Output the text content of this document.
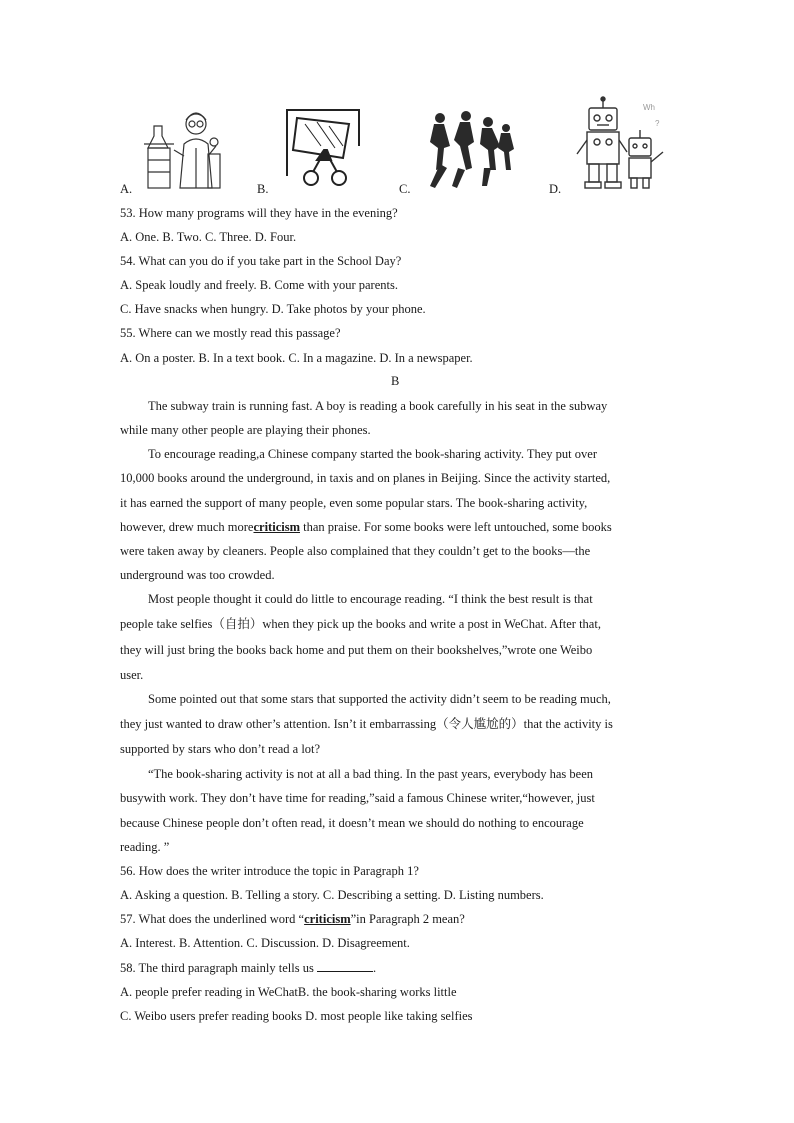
A.	B.	C.	D.
Wh
?
53. How many programs will they have in the evening?
A. One. B. Two. C. Three. D. Four.
54. What can you do if you take part in the School Day?
A. Speak loudly and freely. B. Come with your parents.
C. Have snacks when hungry. D. Take photos by your phone.
55. Where can we mostly read this passage?
A. On a poster. B. In a text book. C. In a magazine. D. In a newspaper.
B
The subway train is running fast. A boy is reading a book carefully in his seat in the subway
while many other people are playing their phones.
To encourage reading,a Chinese company started the book-sharing activity. They put over
10,000 books around the underground, in taxis and on planes in Beijing. Since the activity started,
it has earned the support of many people, even some popular stars. The book-sharing activity,
however, drew much morecriticism than praise. For some books were left untouched, some books
were taken away by cleaners. People also complained that they couldn’t get to the books—the
underground was too crowded.
Most people thought it could do little to encourage reading. “I think the best result is that
people take selfies（自拍）when they pick up the books and write a post in WeChat. After that,
they will just bring the books back home and put them on their bookshelves,”wrote one Weibo
user.
Some pointed out that some stars that supported the activity didn’t seem to be reading much,
they just wanted to draw other’s attention. Isn’t it embarrassing（令人尴尬的）that the activity is
supported by stars who don’t read a lot?
“The book-sharing activity is not at all a bad thing. In the past years, everybody has been
busywith work. They don’t have time for reading,”said a famous Chinese writer,“however, just
because Chinese people don’t often read, it doesn’t mean we should do nothing to encourage
reading. ”
56. How does the writer introduce the topic in Paragraph 1?
A. Asking a question. B. Telling a story. C. Describing a setting. D. Listing numbers.
57. What does the underlined word “criticism”in Paragraph 2 mean?
A. Interest. B. Attention. C. Discussion. D. Disagreement.
58. The third paragraph mainly tells us	.
A. people prefer reading in WeChatB. the book-sharing works little
C. Weibo users prefer reading books D. most people like taking selfies
